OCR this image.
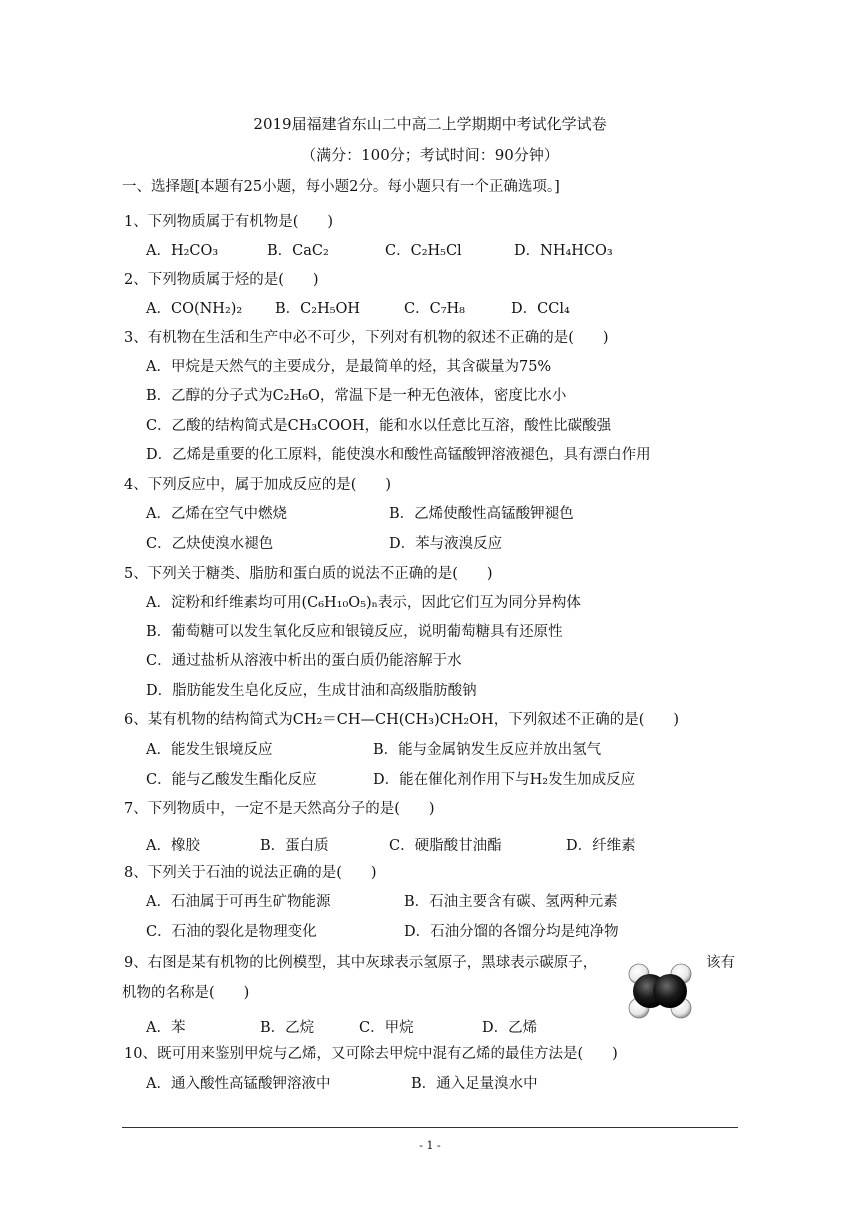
2019届福建省东山二中高二上学期期中考试化学试卷
（满分：100分；考试时间：90分钟）
一、选择题[本题有25小题，每小题2分。每小题只有一个正确选项。]
1、下列物质属于有机物是(　　)
A．H₂CO₃	B．CaC₂	C．C₂H₅Cl	D．NH₄HCO₃
2、下列物质属于烃的是(　　)
A．CO(NH₂)₂ B．C₂H₅OH	C．C₇H₈	D．CCl₄
3、有机物在生活和生产中必不可少，下列对有机物的叙述不正确的是(　　)
A．甲烷是天然气的主要成分，是最简单的烃，其含碳量为75%
B．乙醇的分子式为C₂H₆O，常温下是一种无色液体，密度比水小
C．乙酸的结构简式是CH₃COOH，能和水以任意比互溶，酸性比碳酸强
D．乙烯是重要的化工原料，能使溴水和酸性高锰酸钾溶液褪色，具有漂白作用
4、下列反应中，属于加成反应的是(　　)
A．乙烯在空气中燃烧	B．乙烯使酸性高锰酸钾褪色
C．乙炔使溴水褪色	D．苯与液溴反应
5、下列关于糖类、脂肪和蛋白质的说法不正确的是(　　)
A．淀粉和纤维素均可用(C₆H₁₀O₅)ₙ表示，因此它们互为同分异构体
B．葡萄糖可以发生氧化反应和银镜反应，说明葡萄糖具有还原性
C．通过盐析从溶液中析出的蛋白质仍能溶解于水
D．脂肪能发生皂化反应，生成甘油和高级脂肪酸钠
6、某有机物的结构简式为CH₂＝CH—CH(CH₃)CH₂OH，下列叙述不正确的是(　　)
A．能发生银境反应	B．能与金属钠发生反应并放出氢气
C．能与乙酸发生酯化反应	D．能在催化剂作用下与H₂发生加成反应
7、下列物质中，一定不是天然高分子的是(　　)
A．橡胶	B．蛋白质	C．硬脂酸甘油酯	D．纤维素
8、下列关于石油的说法正确的是(　　)
A．石油属于可再生矿物能源	B．石油主要含有碳、氢两种元素
C．石油的裂化是物理变化	D．石油分馏的各馏分均是纯净物
9、右图是某有机物的比例模型，其中灰球表示氢原子，黑球表示碳原子，	该有
机物的名称是(　　)
A．苯	B．乙烷	C．甲烷	D．乙烯
10、既可用来鉴别甲烷与乙烯，又可除去甲烷中混有乙烯的最佳方法是(　　)
A．通入酸性高锰酸钾溶液中	B．通入足量溴水中
- 1 -
